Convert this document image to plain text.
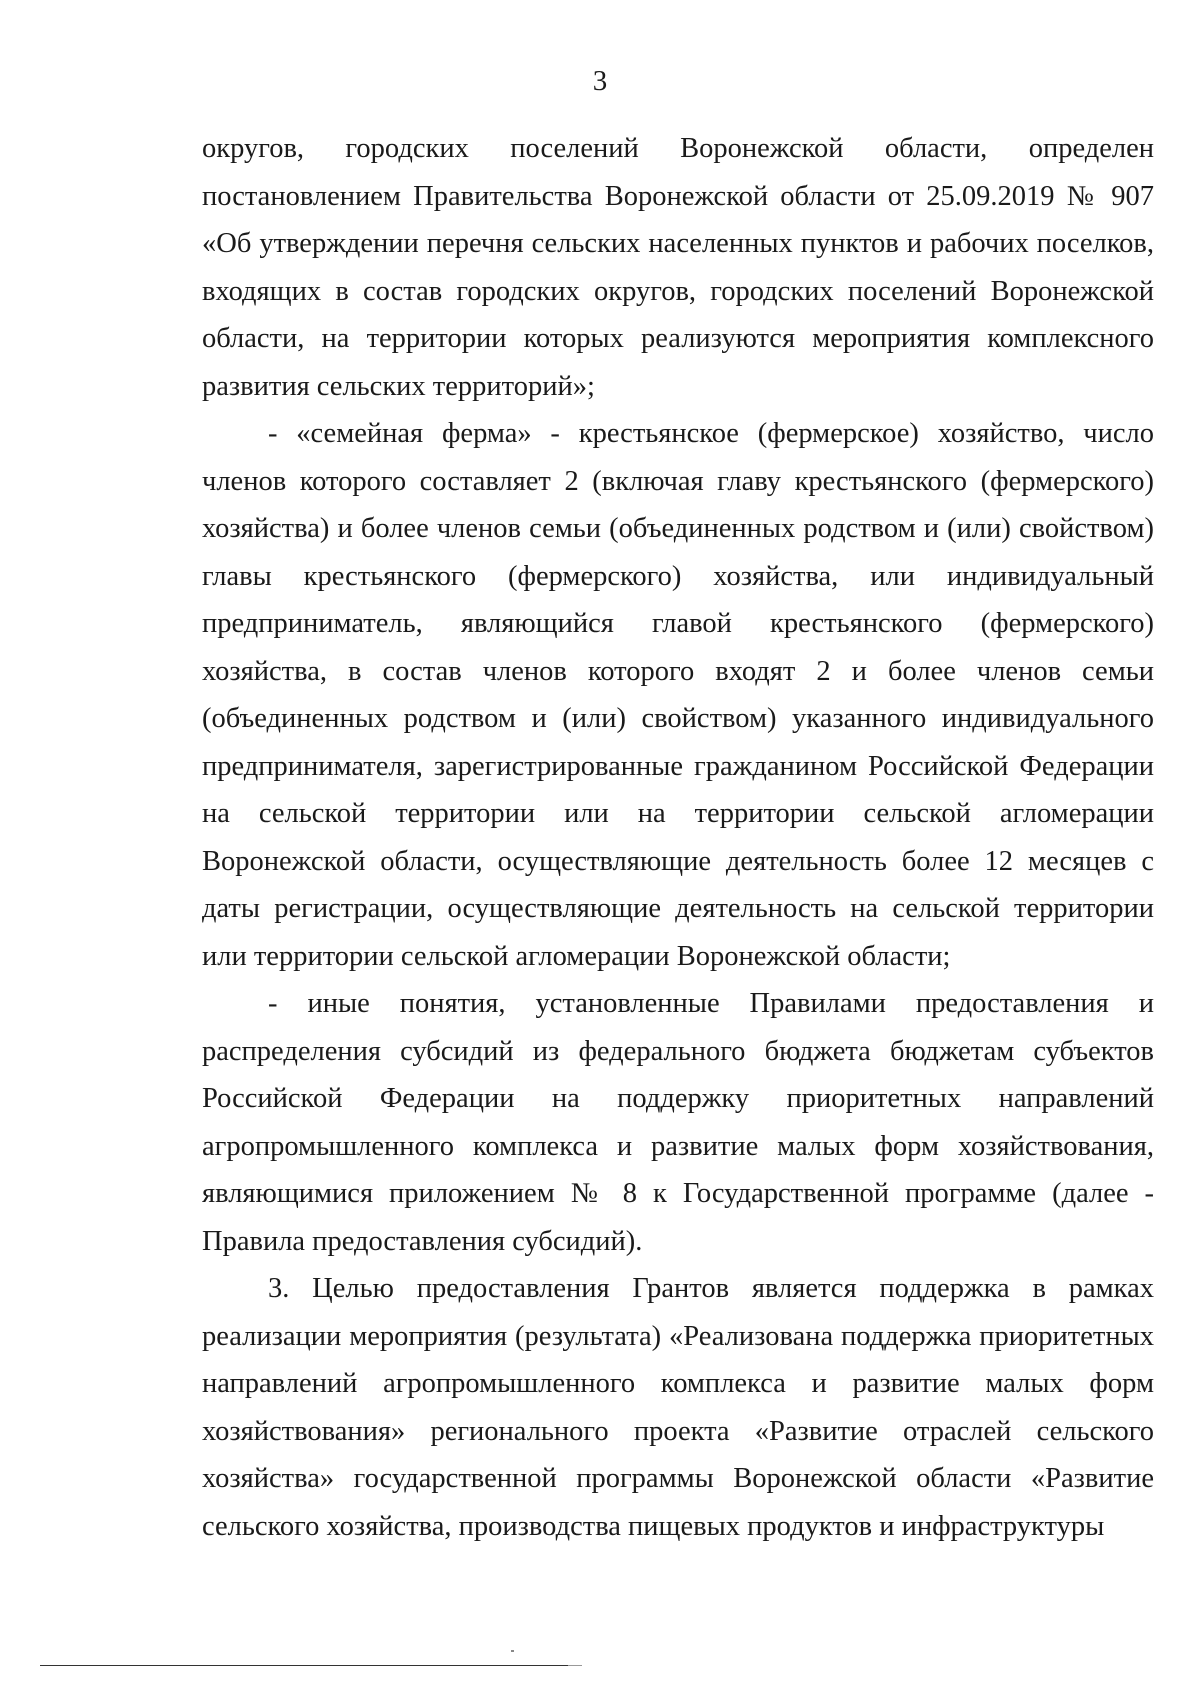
3

округов, городских поселений Воронежской области, определен постановлением Правительства Воронежской области от 25.09.2019 № 907 «Об утверждении перечня сельских населенных пунктов и рабочих поселков, входящих в состав городских округов, городских поселений Воронежской области, на территории которых реализуются мероприятия комплексного развития сельских территорий»;

- «семейная ферма» - крестьянское (фермерское) хозяйство, число членов которого составляет 2 (включая главу крестьянского (фермерского) хозяйства) и более членов семьи (объединенных родством и (или) свойством) главы крестьянского (фермерского) хозяйства, или индивидуальный предприниматель, являющийся главой крестьянского (фермерского) хозяйства, в состав членов которого входят 2 и более членов семьи (объединенных родством и (или) свойством) указанного индивидуального предпринимателя, зарегистрированные гражданином Российской Федерации на сельской территории или на территории сельской агломерации Воронежской области, осуществляющие деятельность более 12 месяцев с даты регистрации, осуществляющие деятельность на сельской территории или территории сельской агломерации Воронежской области;

- иные понятия, установленные Правилами предоставления и распределения субсидий из федерального бюджета бюджетам субъектов Российской Федерации на поддержку приоритетных направлений агропромышленного комплекса и развитие малых форм хозяйствования, являющимися приложением № 8 к Государственной программе (далее - Правила предоставления субсидий).

3. Целью предоставления Грантов является поддержка в рамках реализации мероприятия (результата) «Реализована поддержка приоритетных направлений агропромышленного комплекса и развитие малых форм хозяйствования» регионального проекта «Развитие отраслей сельского хозяйства» государственной программы Воронежской области «Развитие сельского хозяйства, производства пищевых продуктов и инфраструктуры
